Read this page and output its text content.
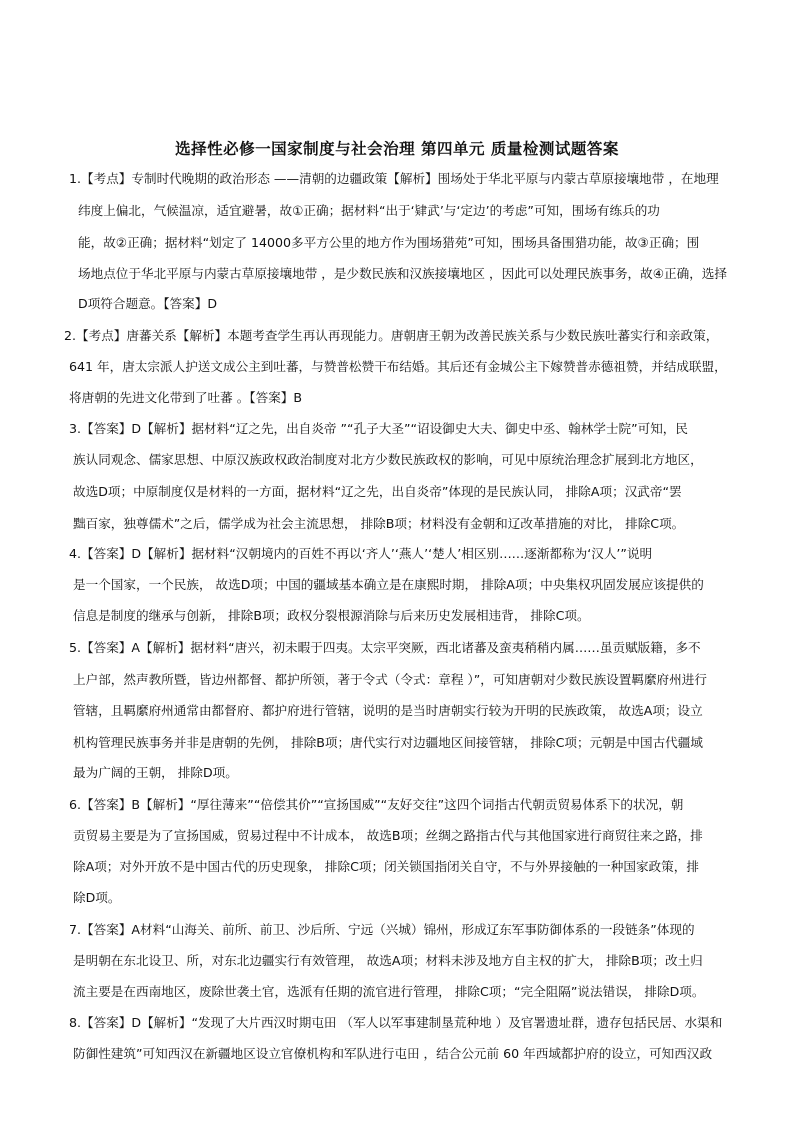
选择性必修一国家制度与社会治理 第四单元 质量检测试题答案
1.【考点】专制时代晚期的政治形态 ——清朝的边疆政策【解析】围场处于华北平原与内蒙古草原接壤地带 ，在地理
纬度上偏北，气候温凉，适宜避暑，故①正确；据材料“出于‘肄武’与‘定边’的考虑”可知，围场有练兵的功
能，故②正确；据材料“划定了 14000多平方公里的地方作为围场猎苑”可知，围场具备围猎功能，故③正确；围
场地点位于华北平原与内蒙古草原接壤地带 ，是少数民族和汉族接壤地区 ，因此可以处理民族事务，故④正确，选择
D项符合题意。【答案】D
2.【考点】唐蕃关系【解析】本题考查学生再认再现能力。唐朝唐王朝为改善民族关系与少数民族吐蕃实行和亲政策，
641 年，唐太宗派人护送文成公主到吐蕃，与赞普松赞干布结婚。其后还有金城公主下嫁赞普赤德祖赞，并结成联盟，
将唐朝的先进文化带到了吐蕃 。【答案】B
3.【答案】D【解析】据材料“辽之先，出自炎帝 ”“孔子大圣”“诏设御史大夫、御史中丞、翰林学士院”可知，民
族认同观念、儒家思想、中原汉族政权政治制度对北方少数民族政权的影响，可见中原统治理念扩展到北方地区，
故选D项；中原制度仅是材料的一方面，据材料“辽之先，出自炎帝”体现的是民族认同， 排除A项；汉武帝“罢
黜百家，独尊儒术”之后，儒学成为社会主流思想， 排除B项；材料没有金朝和辽改革措施的对比， 排除C项。
4.【答案】D【解析】据材料“汉朝境内的百姓不再以‘齐人’‘燕人’‘楚人’相区别……逐渐都称为‘汉人’”说明
是一个国家，一个民族， 故选D项；中国的疆域基本确立是在康熙时期， 排除A项；中央集权巩固发展应该提供的
信息是制度的继承与创新， 排除B项；政权分裂根源消除与后来历史发展相违背， 排除C项。
5.【答案】A【解析】据材料“唐兴，初未暇于四夷。太宗平突厥，西北诸蕃及蛮夷稍稍内属……虽贡赋版籍，多不
上户部，然声教所暨，皆边州都督、都护所领，著于令式（令式：章程 ）”，可知唐朝对少数民族设置羁縻府州进行
管辖，且羁縻府州通常由都督府、都护府进行管辖，说明的是当时唐朝实行较为开明的民族政策， 故选A项；设立
机构管理民族事务并非是唐朝的先例， 排除B项；唐代实行对边疆地区间接管辖， 排除C项；元朝是中国古代疆域
最为广阔的王朝， 排除D项。
6.【答案】B【解析】“厚往薄来”“倍偿其价”“宣扬国威”“友好交往”这四个词指古代朝贡贸易体系下的状况，朝
贡贸易主要是为了宣扬国威，贸易过程中不计成本， 故选B项；丝绸之路指古代与其他国家进行商贸往来之路，排
除A项；对外开放不是中国古代的历史现象， 排除C项；闭关锁国指闭关自守，不与外界接触的一种国家政策，排
除D项。
7.【答案】A材料“山海关、前所、前卫、沙后所、宁远（兴城）锦州，形成辽东军事防御体系的一段链条”体现的
是明朝在东北设卫、所，对东北边疆实行有效管理， 故选A项；材料未涉及地方自主权的扩大， 排除B项；改土归
流主要是在西南地区，废除世袭土官，选派有任期的流官进行管理， 排除C项；“完全阻隔”说法错误， 排除D项。
8.【答案】D【解析】“发现了大片西汉时期屯田 （军人以军事建制垦荒种地 ）及官署遗址群，遗存包括民居、水渠和
防御性建筑”可知西汉在新疆地区设立官僚机构和军队进行屯田 ，结合公元前 60 年西域都护府的设立，可知西汉政
